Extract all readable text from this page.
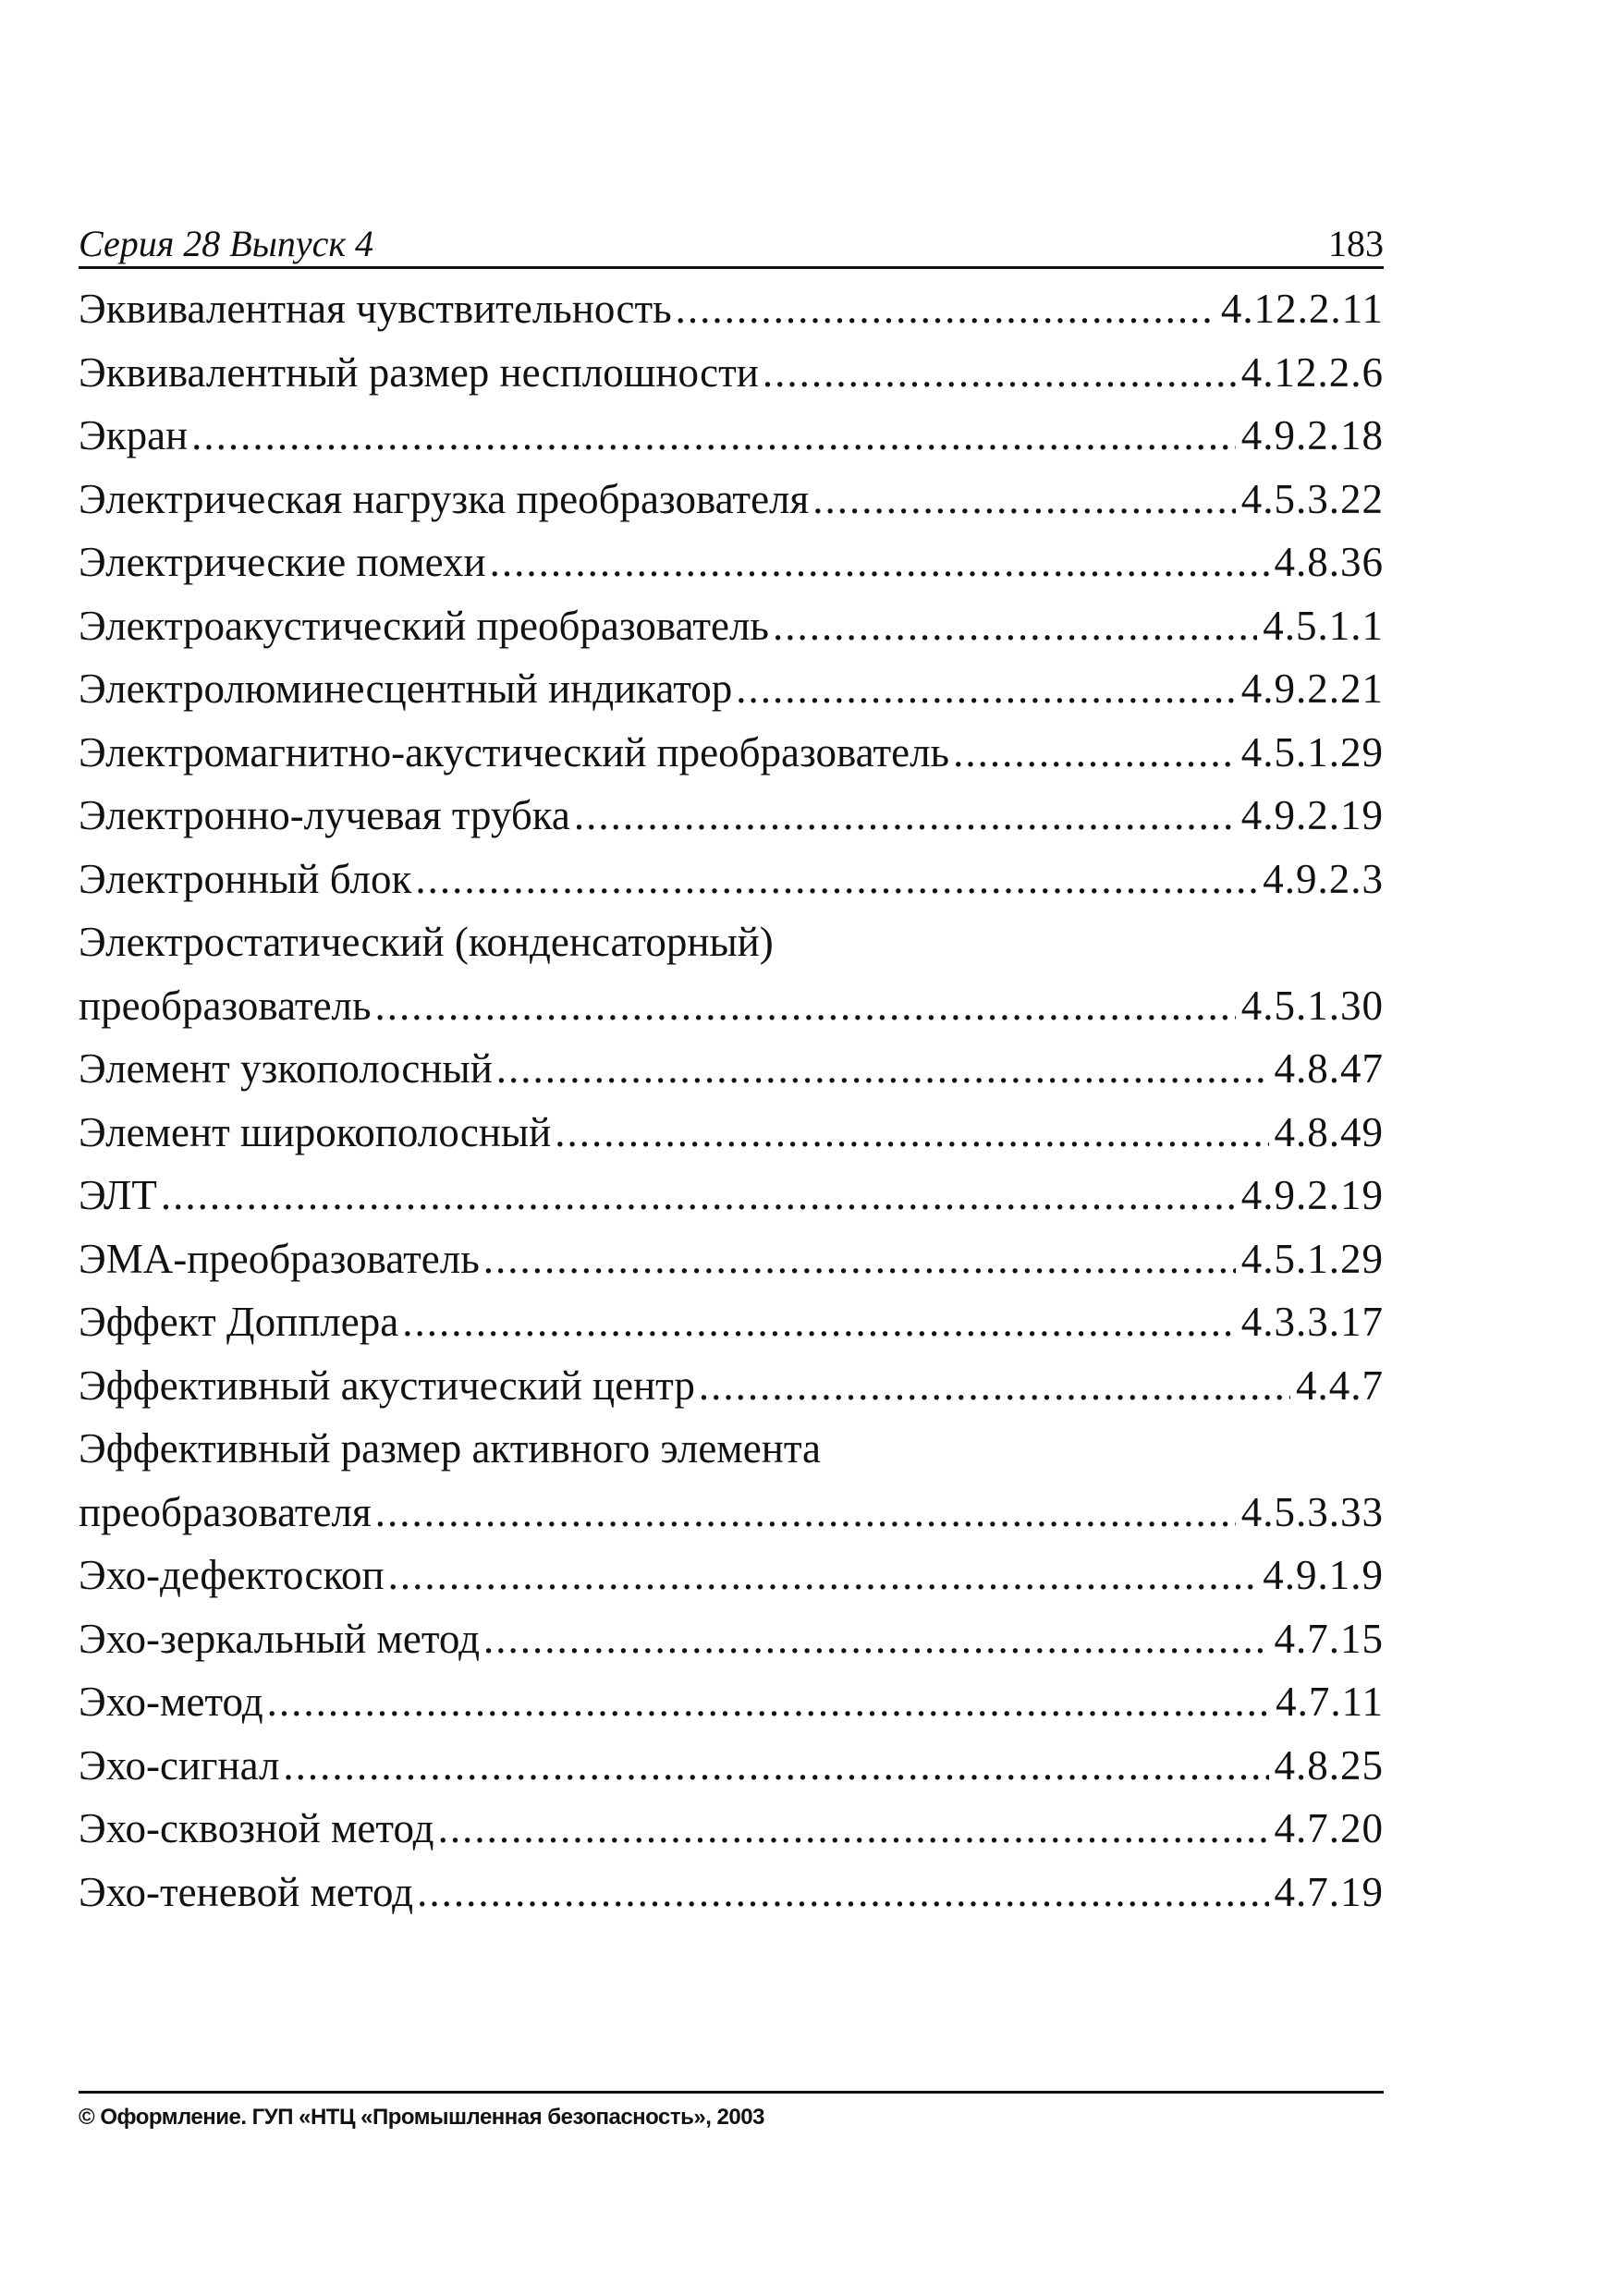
Серия 28 Выпуск 4	183
Эквивалентная чувствительность .....	4.12.2.11
Эквивалентный размер несплошности .....	4.12.2.6
Экран .....	4.9.2.18
Электрическая нагрузка преобразователя .....	4.5.3.22
Электрические помехи .....	4.8.36
Электроакустический преобразователь .....	4.5.1.1
Электролюминесцентный индикатор .....	4.9.2.21
Электромагнитно-акустический преобразователь .....	4.5.1.29
Электронно-лучевая трубка .....	4.9.2.19
Электронный блок .....	4.9.2.3
Электростатический (конденсаторный)
преобразователь .....	4.5.1.30
Элемент узкополосный .....	4.8.47
Элемент широкополосный .....	4.8.49
ЭЛТ .....	4.9.2.19
ЭМА-преобразователь .....	4.5.1.29
Эффект Допплера .....	4.3.3.17
Эффективный акустический центр .....	4.4.7
Эффективный размер активного элемента
преобразователя .....	4.5.3.33
Эхо-дефектоскоп .....	4.9.1.9
Эхо-зеркальный метод .....	4.7.15
Эхо-метод .....	4.7.11
Эхо-сигнал .....	4.8.25
Эхо-сквозной метод .....	4.7.20
Эхо-теневой метод .....	4.7.19
© Оформление. ГУП «НТЦ «Промышленная безопасность», 2003
